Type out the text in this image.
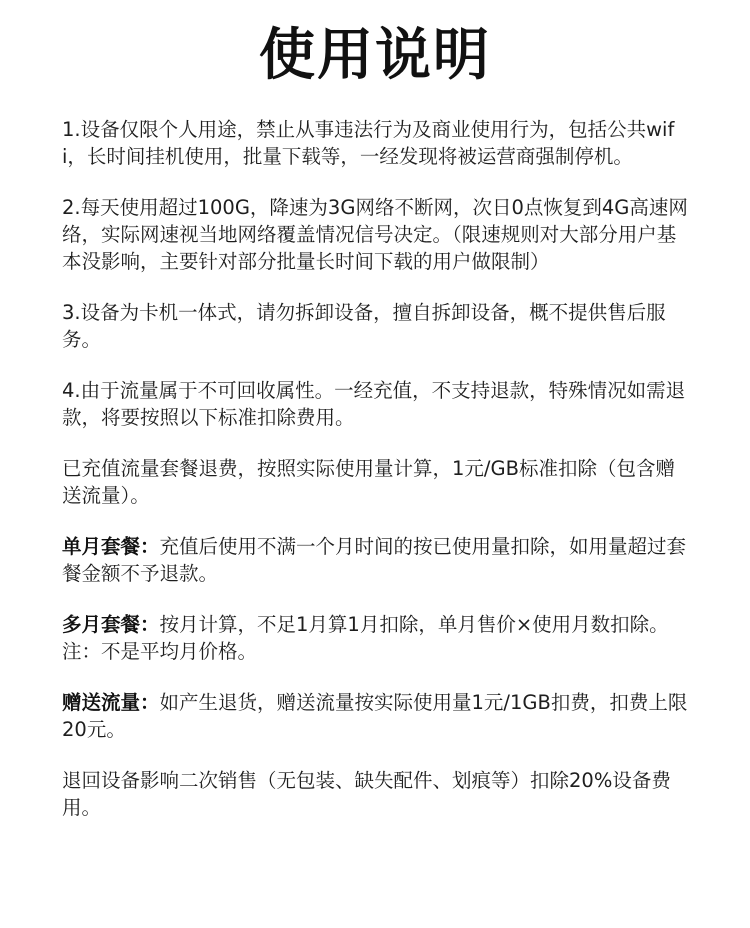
使用说明

1.设备仅限个人用途，禁止从事违法行为及商业使用行为，包括公共wifi，长时间挂机使用，批量下载等，一经发现将被运营商强制停机。

2.每天使用超过100G，降速为3G网络不断网，次日0点恢复到4G高速网络，实际网速视当地网络覆盖情况信号决定。（限速规则对大部分用户基本没影响，主要针对部分批量长时间下载的用户做限制）

3.设备为卡机一体式，请勿拆卸设备，擅自拆卸设备，概不提供售后服务。

4.由于流量属于不可回收属性。一经充值，不支持退款，特殊情况如需退款，将要按照以下标准扣除费用。

已充值流量套餐退费，按照实际使用量计算，1元/GB标准扣除（包含赠送流量）。

单月套餐：充值后使用不满一个月时间的按已使用量扣除，如用量超过套餐金额不予退款。

多月套餐：按月计算，不足1月算1月扣除，单月售价×使用月数扣除。注：不是平均月价格。

赠送流量：如产生退货，赠送流量按实际使用量1元/1GB扣费，扣费上限20元。

退回设备影响二次销售（无包装、缺失配件、划痕等）扣除20%设备费用。
